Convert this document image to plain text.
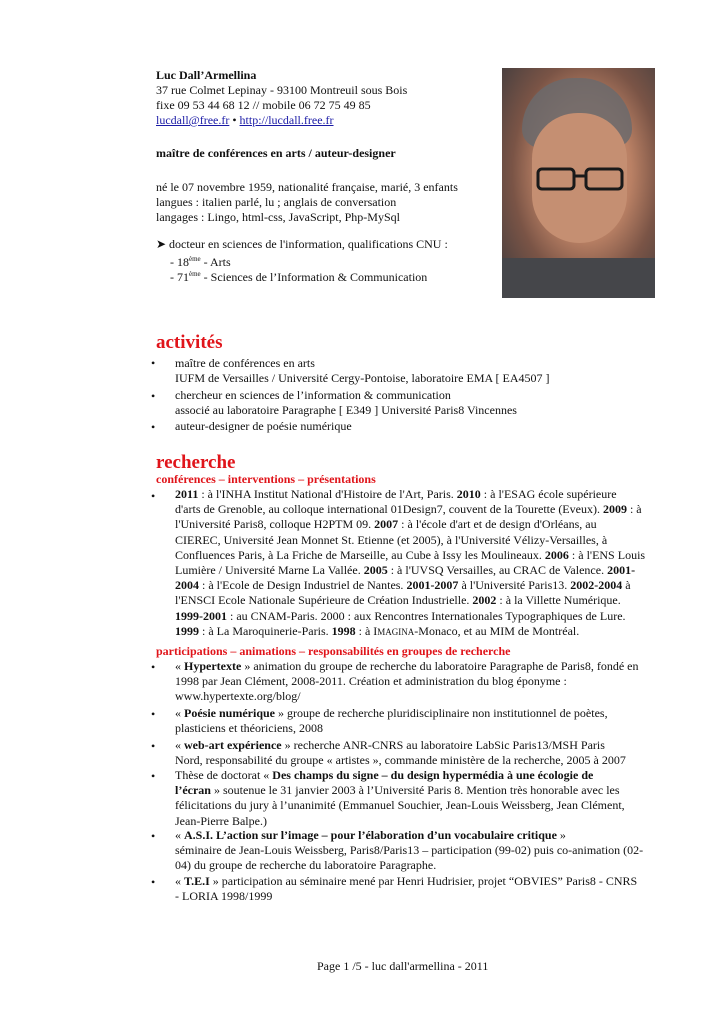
Luc Dall’Armellina
37 rue Colmet Lepinay - 93100 Montreuil sous Bois
fixe 09 53 44 68 12 // mobile 06 72 75 49 85
lucdall@free.fr • http://lucdall.free.fr
maître de conférences en arts / auteur-designer
né le 07 novembre 1959, nationalité française, marié, 3 enfants
langues : italien parlé, lu ; anglais de conversation
langages : Lingo, html-css, JavaScript, Php-MySql
➤ docteur en sciences de l'information, qualifications CNU :
- 18ème - Arts
- 71ème - Sciences de l’Information & Communication
activités
• maître de conférences en arts
IUFM de Versailles / Université Cergy-Pontoise, laboratoire EMA [ EA4507 ]
• chercheur en sciences de l’information & communication
associé au laboratoire Paragraphe [ E349 ] Université Paris8 Vincennes
• auteur-designer de poésie numérique
recherche
conférences – interventions – présentations
• 2011 : à l'INHA Institut National d'Histoire de l'Art, Paris. 2010 : à l'ESAG école supérieure
d'arts de Grenoble, au colloque international 01Design7, couvent de la Tourette (Eveux). 2009 : à
l'Université Paris8, colloque H2PTM 09. 2007 : à l'école d'art et de design d'Orléans, au
CIEREC, Université Jean Monnet St. Etienne (et 2005), à l'Université Vélizy-Versailles, à
Confluences Paris, à La Friche de Marseille, au Cube à Issy les Moulineaux. 2006 : à l'ENS Louis
Lumière / Université Marne La Vallée. 2005 : à l'UVSQ Versailles, au CRAC de Valence. 2001-
2004 : à l'Ecole de Design Industriel de Nantes. 2001-2007 à l'Université Paris13. 2002-2004 à
l'ENSCI Ecole Nationale Supérieure de Création Industrielle. 2002 : à la Villette Numérique.
1999-2001 : au CNAM-Paris. 2000 : aux Rencontres Internationales Typographiques de Lure.
1999 : à La Maroquinerie-Paris. 1998 : à IMAGINA-Monaco, et au MIM de Montréal.
participations – animations – responsabilités en groupes de recherche
• « Hypertexte » animation du groupe de recherche du laboratoire Paragraphe de Paris8, fondé en
1998 par Jean Clément, 2008-2011. Création et administration du blog éponyme :
www.hypertexte.org/blog/
• « Poésie numérique » groupe de recherche pluridisciplinaire non institutionnel de poètes,
plasticiens et théoriciens, 2008
• « web-art expérience » recherche ANR-CNRS au laboratoire LabSic Paris13/MSH Paris
Nord, responsabilité du groupe « artistes », commande ministère de la recherche, 2005 à 2007
• Thèse de doctorat « Des champs du signe – du design hypermédia à une écologie de
l’écran » soutenue le 31 janvier 2003 à l’Université Paris 8. Mention très honorable avec les
félicitations du jury à l’unanimité (Emmanuel Souchier, Jean-Louis Weissberg, Jean Clément,
Jean-Pierre Balpe.)
• « A.S.I. L’action sur l’image – pour l’élaboration d’un vocabulaire critique »
séminaire de Jean-Louis Weissberg, Paris8/Paris13 – participation (99-02) puis co-animation (02-
04) du groupe de recherche du laboratoire Paragraphe.
• « T.E.I » participation au séminaire mené par Henri Hudrisier, projet “OBVIES” Paris8 - CNRS
- LORIA 1998/1999
Page 1 /5 - luc dall'armellina - 2011
